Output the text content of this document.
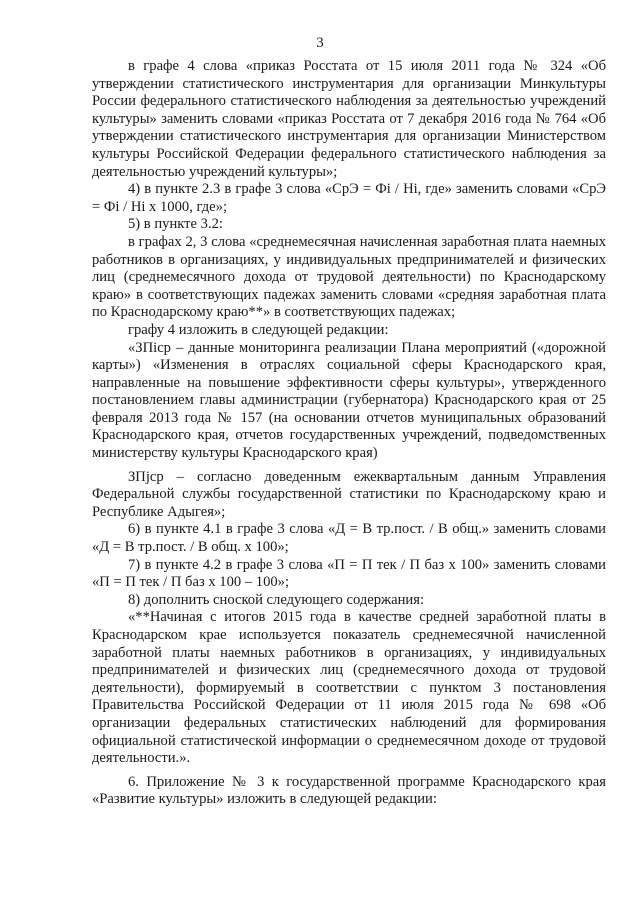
3

в графе 4 слова «приказ Росстата от 15 июля 2011 года № 324 «Об утверждении статистического инструментария для организации Минкультуры России федерального статистического наблюдения за деятельностью учреждений культуры» заменить словами «приказ Росстата от 7 декабря 2016 года № 764 «Об утверждении статистического инструментария для организации Министерством культуры Российской Федерации федерального статистического наблюдения за деятельностью учреждений культуры»;

4) в пункте 2.3 в графе 3 слова «СрЭ = Фi / Нi, где» заменить словами «СрЭ = Фi / Нi х 1000, где»;

5) в пункте 3.2:

в графах 2, 3 слова «среднемесячная начисленная заработная плата наемных работников в организациях, у индивидуальных предпринимателей и физических лиц (среднемесячного дохода от трудовой деятельности) по Краснодарскому краю» в соответствующих падежах заменить словами «средняя заработная плата по Краснодарскому краю**» в соответствующих падежах;

графу 4 изложить в следующей редакции:

«ЗПiср – данные мониторинга реализации Плана мероприятий («дорожной карты») «Изменения в отраслях социальной сферы Краснодарского края, направленные на повышение эффективности сферы культуры», утвержденного постановлением главы администрации (губернатора) Краснодарского края от 25 февраля 2013 года № 157 (на основании отчетов муниципальных образований Краснодарского края, отчетов государственных учреждений, подведомственных министерству культуры Краснодарского края)

ЗПjср – согласно доведенным ежеквартальным данным Управления Федеральной службы государственной статистики по Краснодарскому краю и Республике Адыгея»;

6) в пункте 4.1 в графе 3 слова «Д = В тр.пост. / В общ.» заменить словами «Д = В тр.пост. / В общ. х 100»;

7) в пункте 4.2 в графе 3 слова «П = П тек / П баз х 100» заменить словами «П = П тек / П баз х 100 – 100»;

8) дополнить сноской следующего содержания:

«**Начиная с итогов 2015 года в качестве средней заработной платы в Краснодарском крае используется показатель среднемесячной начисленной заработной платы наемных работников в организациях, у индивидуальных предпринимателей и физических лиц (среднемесячного дохода от трудовой деятельности), формируемый в соответствии с пунктом 3 постановления Правительства Российской Федерации от 11 июля 2015 года № 698 «Об организации федеральных статистических наблюдений для формирования официальной статистической информации о среднемесячном доходе от трудовой деятельности.».

6. Приложение № 3 к государственной программе Краснодарского края «Развитие культуры» изложить в следующей редакции:
